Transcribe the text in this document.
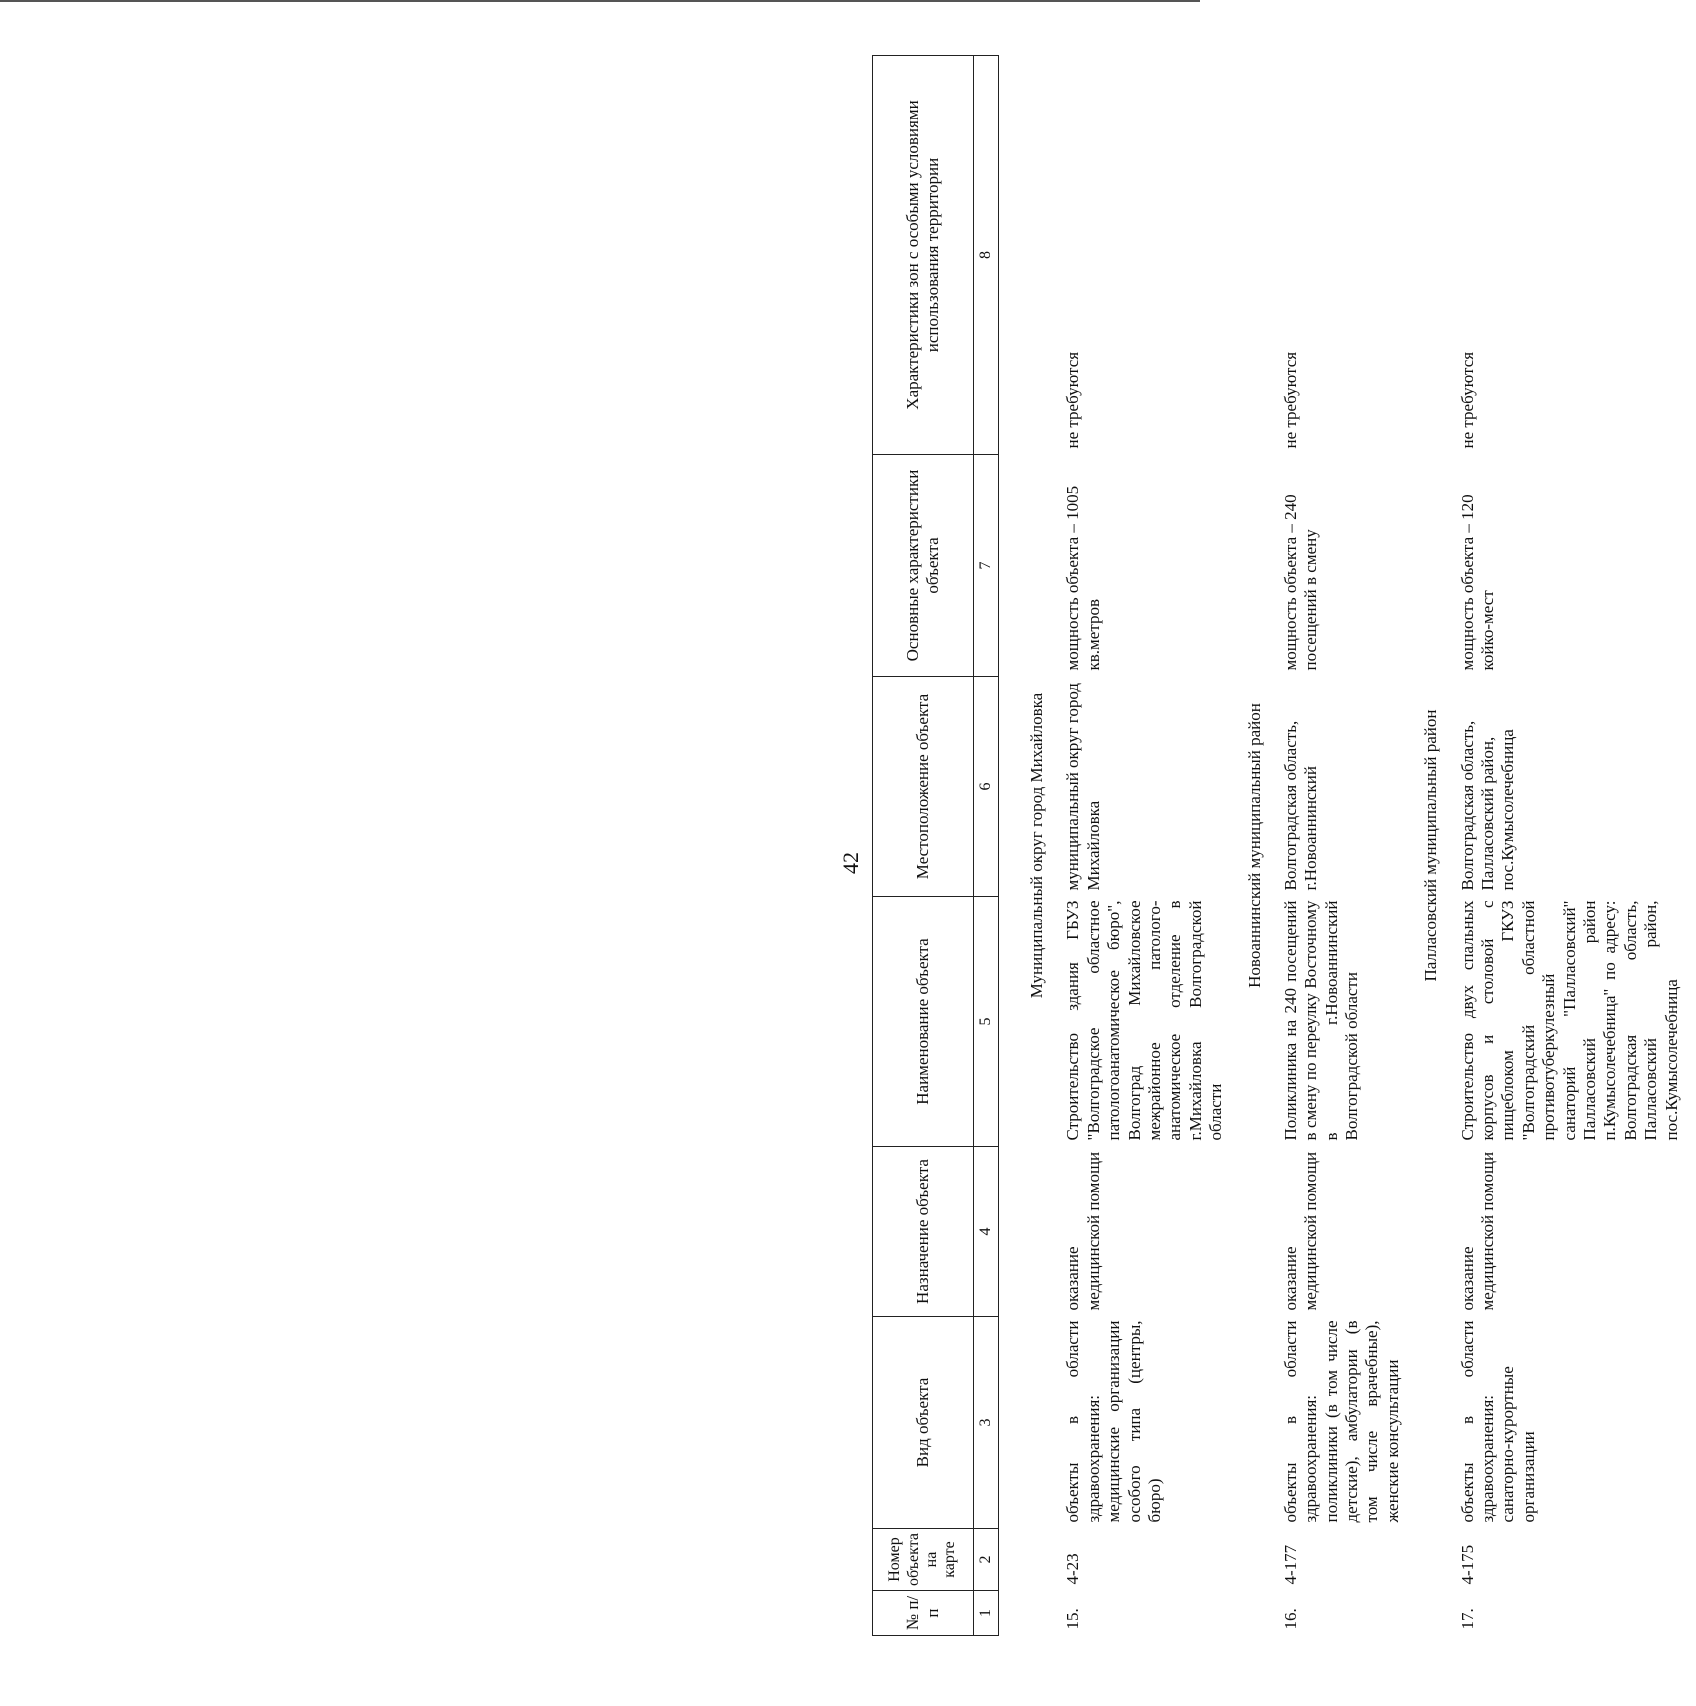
42
№ п/п	Номер объекта на карте	Вид объекта	Назначение объекта	Наименование объекта	Местоположение объекта	Основные характеристики объекта	Характеристики зон с особыми условиями использования территории
1	2	3	4	5	6	7	8

Муниципальный округ город Михайловка							
15.	4-23	объекты в области здравоохранения: медицинские организации особого типа (центры, бюро)	оказание медицинской помощи	Строительство здания ГБУЗ "Волгоградское областное патологоанатомическое бюро", Волгоград Михайловское межрайонное патолого-анатомическое отделение в г.Михайловка Волгоградской области	муниципальный округ город Михайловка	мощность объекта – 1005 кв.метров	не требуются
Новоаннинский муниципальный район							
16.	4-177	объекты в области здравоохранения: поликлиники (в том числе детские), амбулатории (в том числе врачебные), женские консультации	оказание медицинской помощи	Поликлиника на 240 посещений в смену по переулку Восточному в г.Новоаннинский Волгоградской области	Волгоградская область, г.Новоаннинский	мощность объекта – 240 посещений в смену	не требуются
Палласовский муниципальный район							
17.	4-175	объекты в области здравоохранения: санаторно-курортные организации	оказание медицинской помощи	Строительство двух спальных корпусов и столовой с пищеблоком ГКУЗ "Волгоградский областной противотуберкулезный санаторий "Палласовский" Палласовский район п.Кумысолечебница" по адресу: Волгоградская область, Палласовский район, пос.Кумысолечебница	Волгоградская область, Палласовский район, пос.Кумысолечебница	мощность объекта – 120 койко-мест	не требуются
